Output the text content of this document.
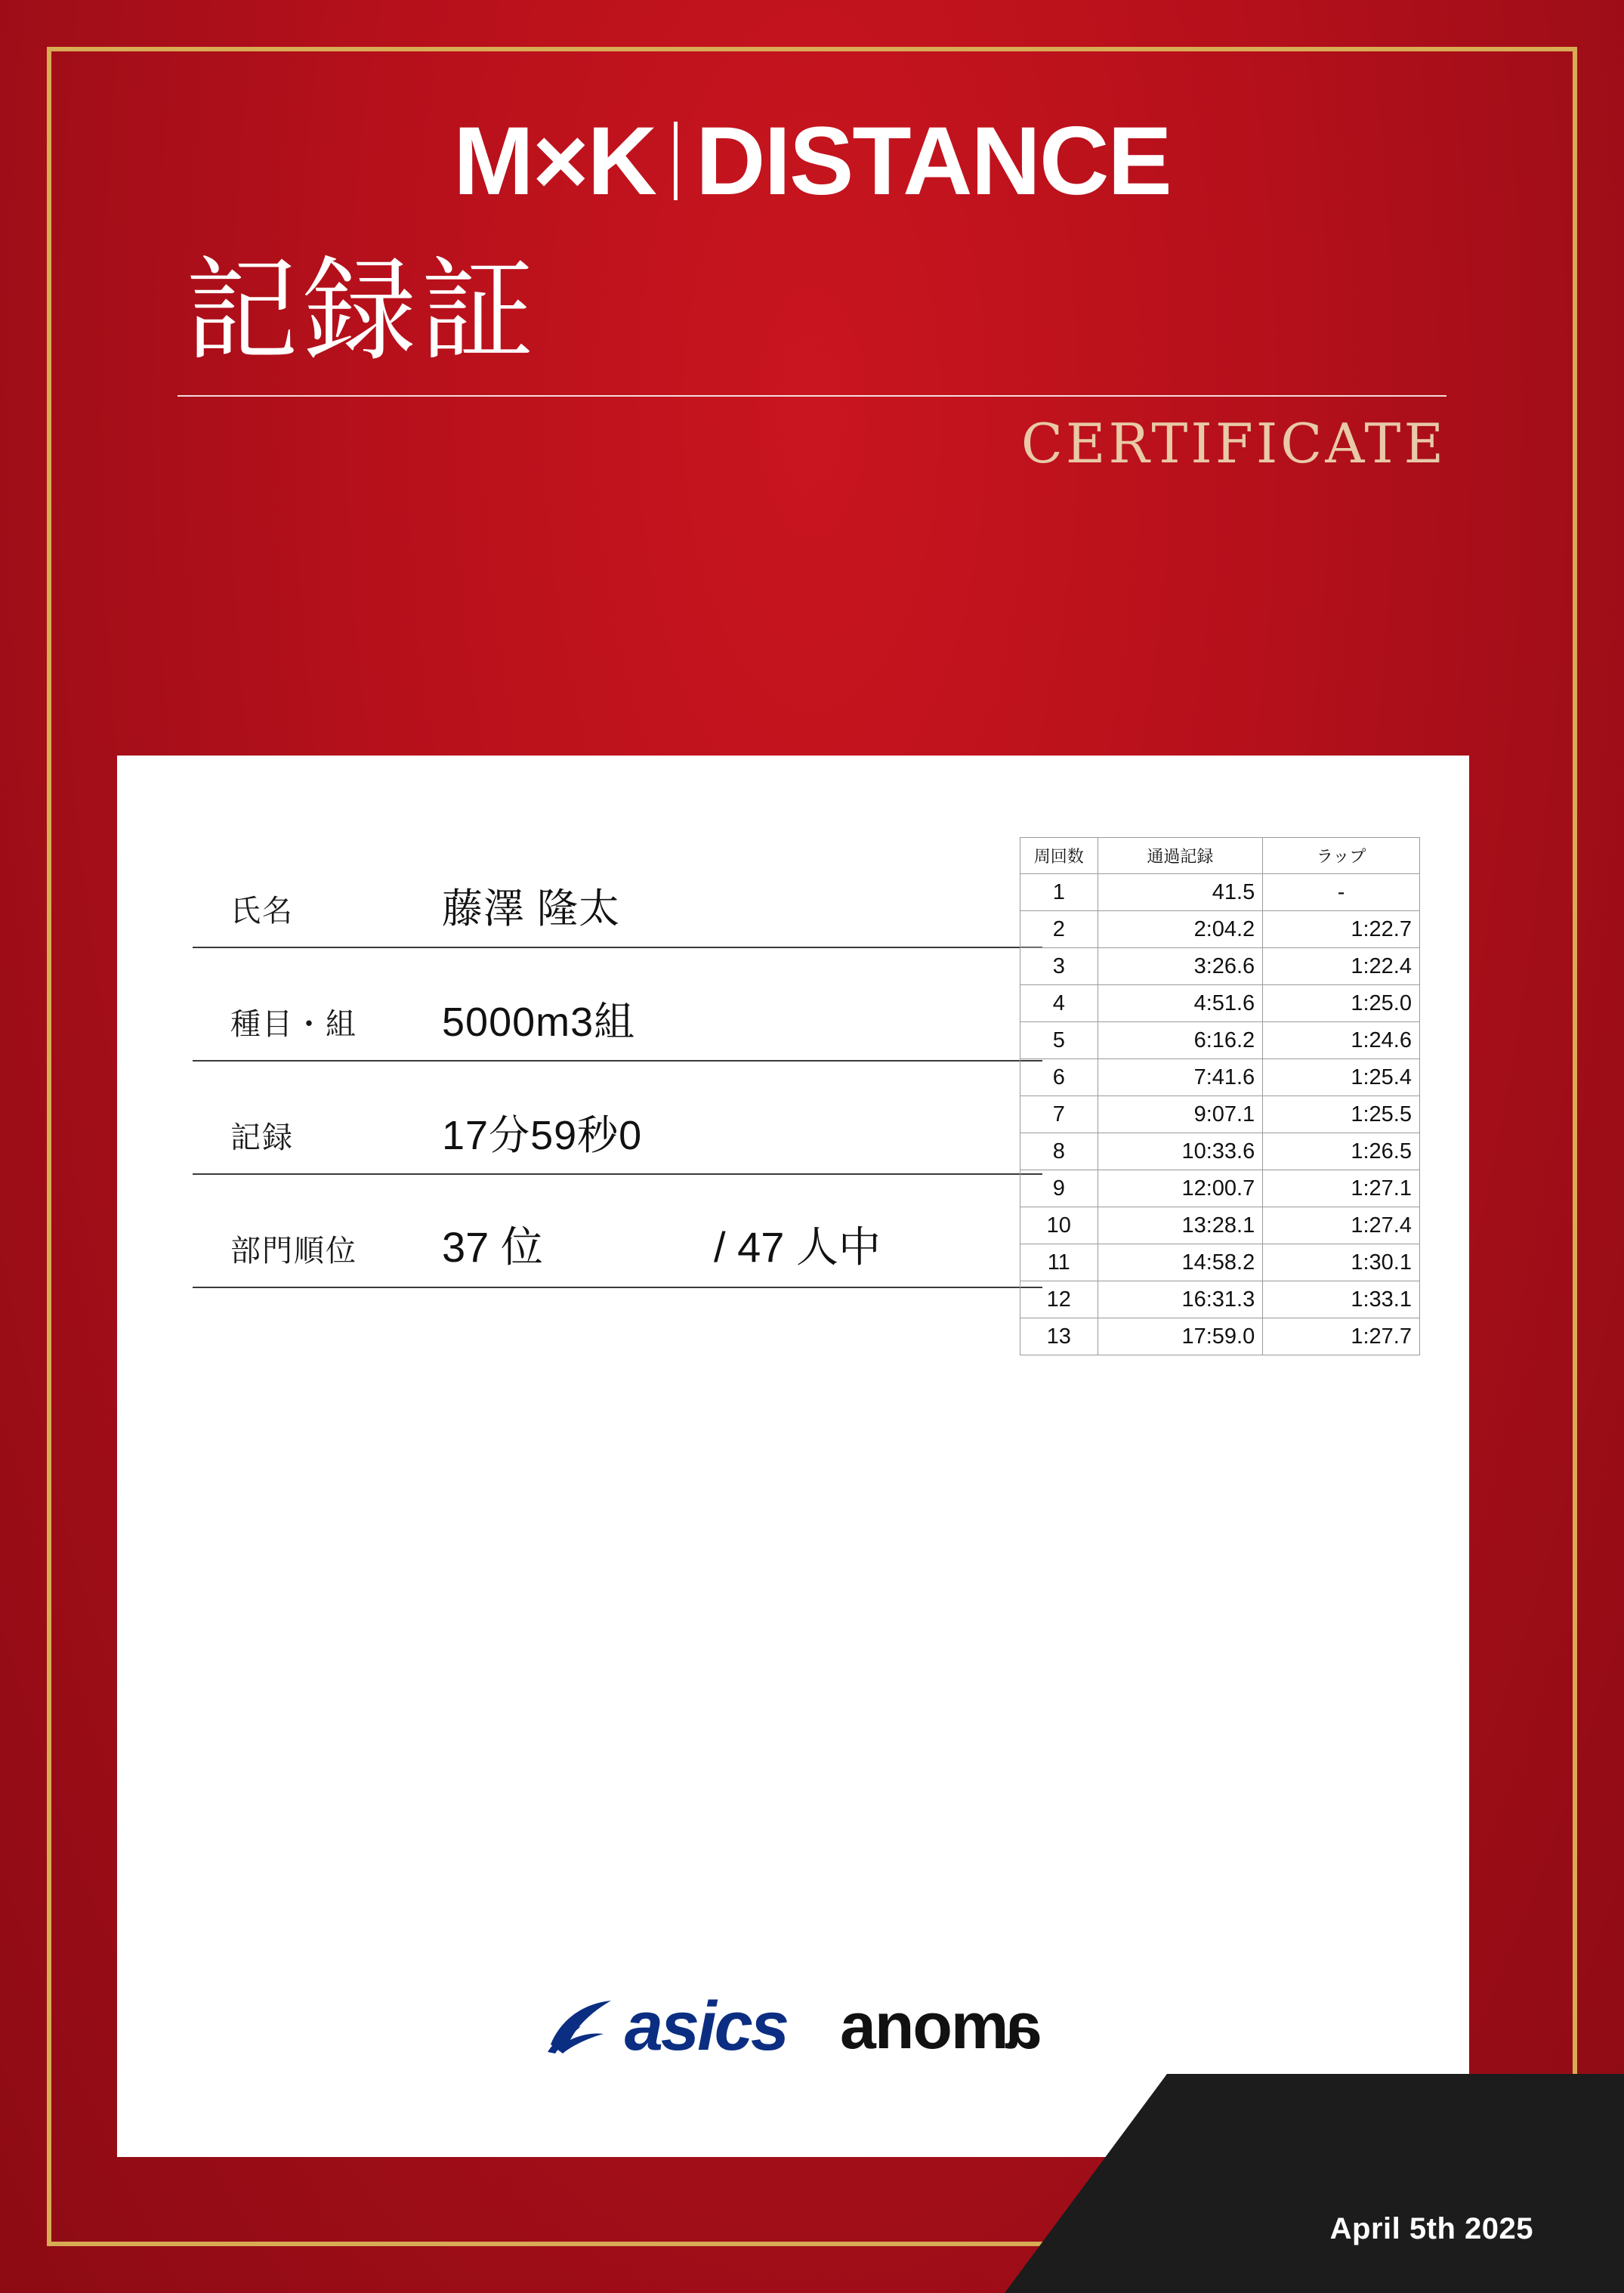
M×K DISTANCE
記録証
CERTIFICATE
氏名	藤澤 隆太
種目・組 5000m3組
記録	17分59秒0
部門順位 37 位	/ 47 人中
周回数	通過記録	ラップ
1	41.5	-
2	2:04.2	1:22.7
3	3:26.6	1:22.4
4	4:51.6	1:25.0
5	6:16.2	1:24.6
6	7:41.6	1:25.4
7	9:07.1	1:25.5
8	10:33.6	1:26.5
9	12:00.7	1:27.1
10	13:28.1	1:27.4
11	14:58.2	1:30.1
12	16:31.3	1:33.1
13	17:59.0	1:27.7
asics anoma
April 5th 2025
